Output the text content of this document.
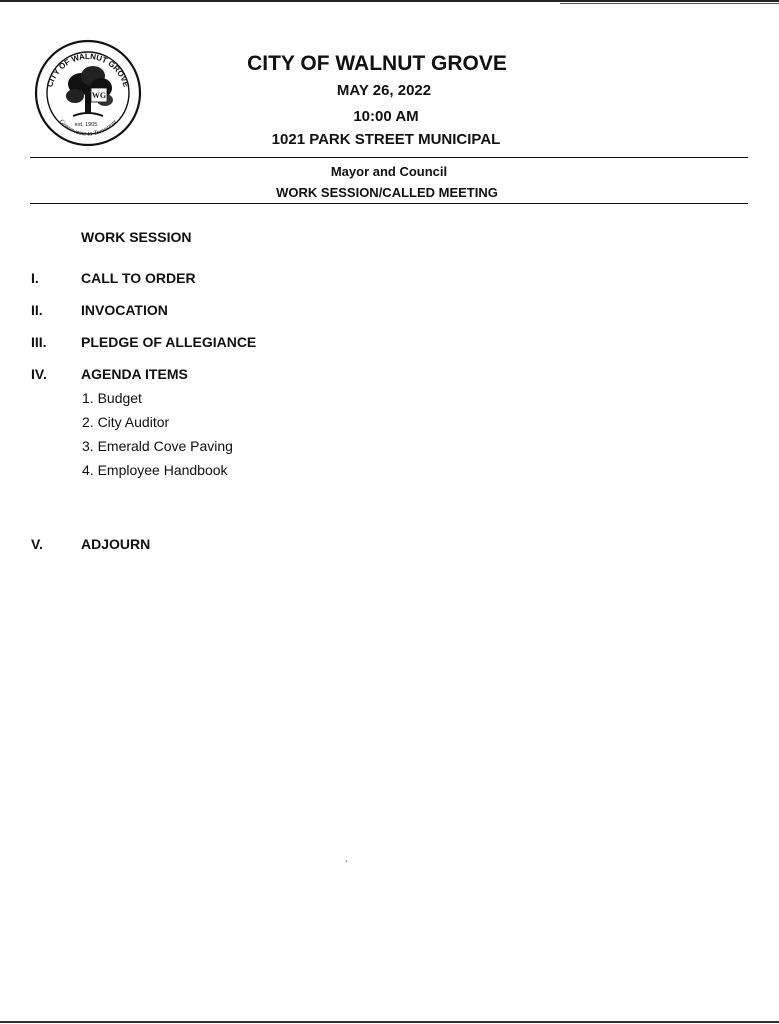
CITY OF WALNUT GROVE
Greenwaste to Tomorrow
WG
est. 1905
CITY OF WALNUT GROVE
MAY 26, 2022
10:00 AM
1021 PARK STREET MUNICIPAL
Mayor and Council
WORK SESSION/CALLED MEETING
WORK SESSION
I.	CALL TO ORDER
II.	INVOCATION
III. PLEDGE OF ALLEGIANCE
IV. AGENDA ITEMS
1. Budget
2. City Auditor
3. Emerald Cove Paving
4. Employee Handbook
V.	ADJOURN
ˎ
